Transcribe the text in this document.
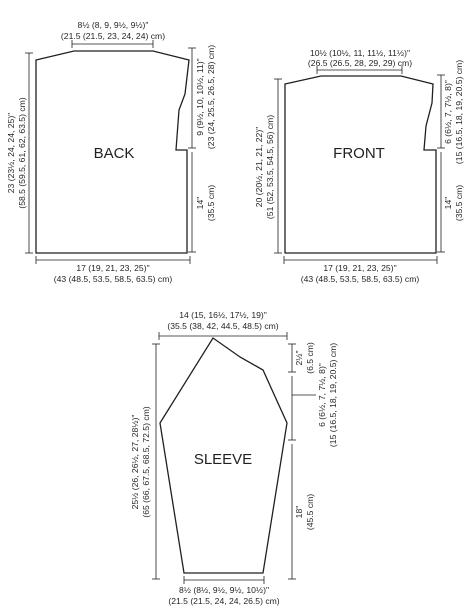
BACK
8½ (8, 9, 9½, 9½)"
(21.5 (21.5, 23, 24, 24) cm)
17 (19, 21, 23, 25)"
(43 (48.5, 53.5, 58.5, 63.5) cm)
23 (23½, 24, 24, 25)" (58.5 (59.5, 61, 62, 63.5) cm)
9 (9½, 10, 10½, 11)" (23 (24, 25.5, 26.5, 28) cm)
14" (35.5 cm)
FRONT
10½ (10½, 11, 11½, 11½)"
(26.5 (26.5, 28, 29, 29) cm)
17 (19, 21, 23, 25)"
(43 (48.5, 53.5, 58.5, 63.5) cm)
20 (20½, 21, 21, 22)" (51 (52, 53.5, 54.5, 56) cm)
6 (6½, 7, 7½, 8)" (15 (16.5, 18, 19, 20.5) cm)
14" (35.5 cm)
SLEEVE
14 (15, 16½, 17½, 19)"
(35.5 (38, 42, 44.5, 48.5) cm)
8½ (8½, 9½, 9½, 10½)"
(21.5 (21.5, 24, 24, 26.5) cm)
25½ (26, 26½, 27, 28½)" (65 (66, 67.5, 68.5, 72.5) cm)
2½" (6.5 cm)
6 (6½, 7, 7½, 8)" (15 (16.5, 18, 19, 20.5) cm)
18" (45.5 cm)
